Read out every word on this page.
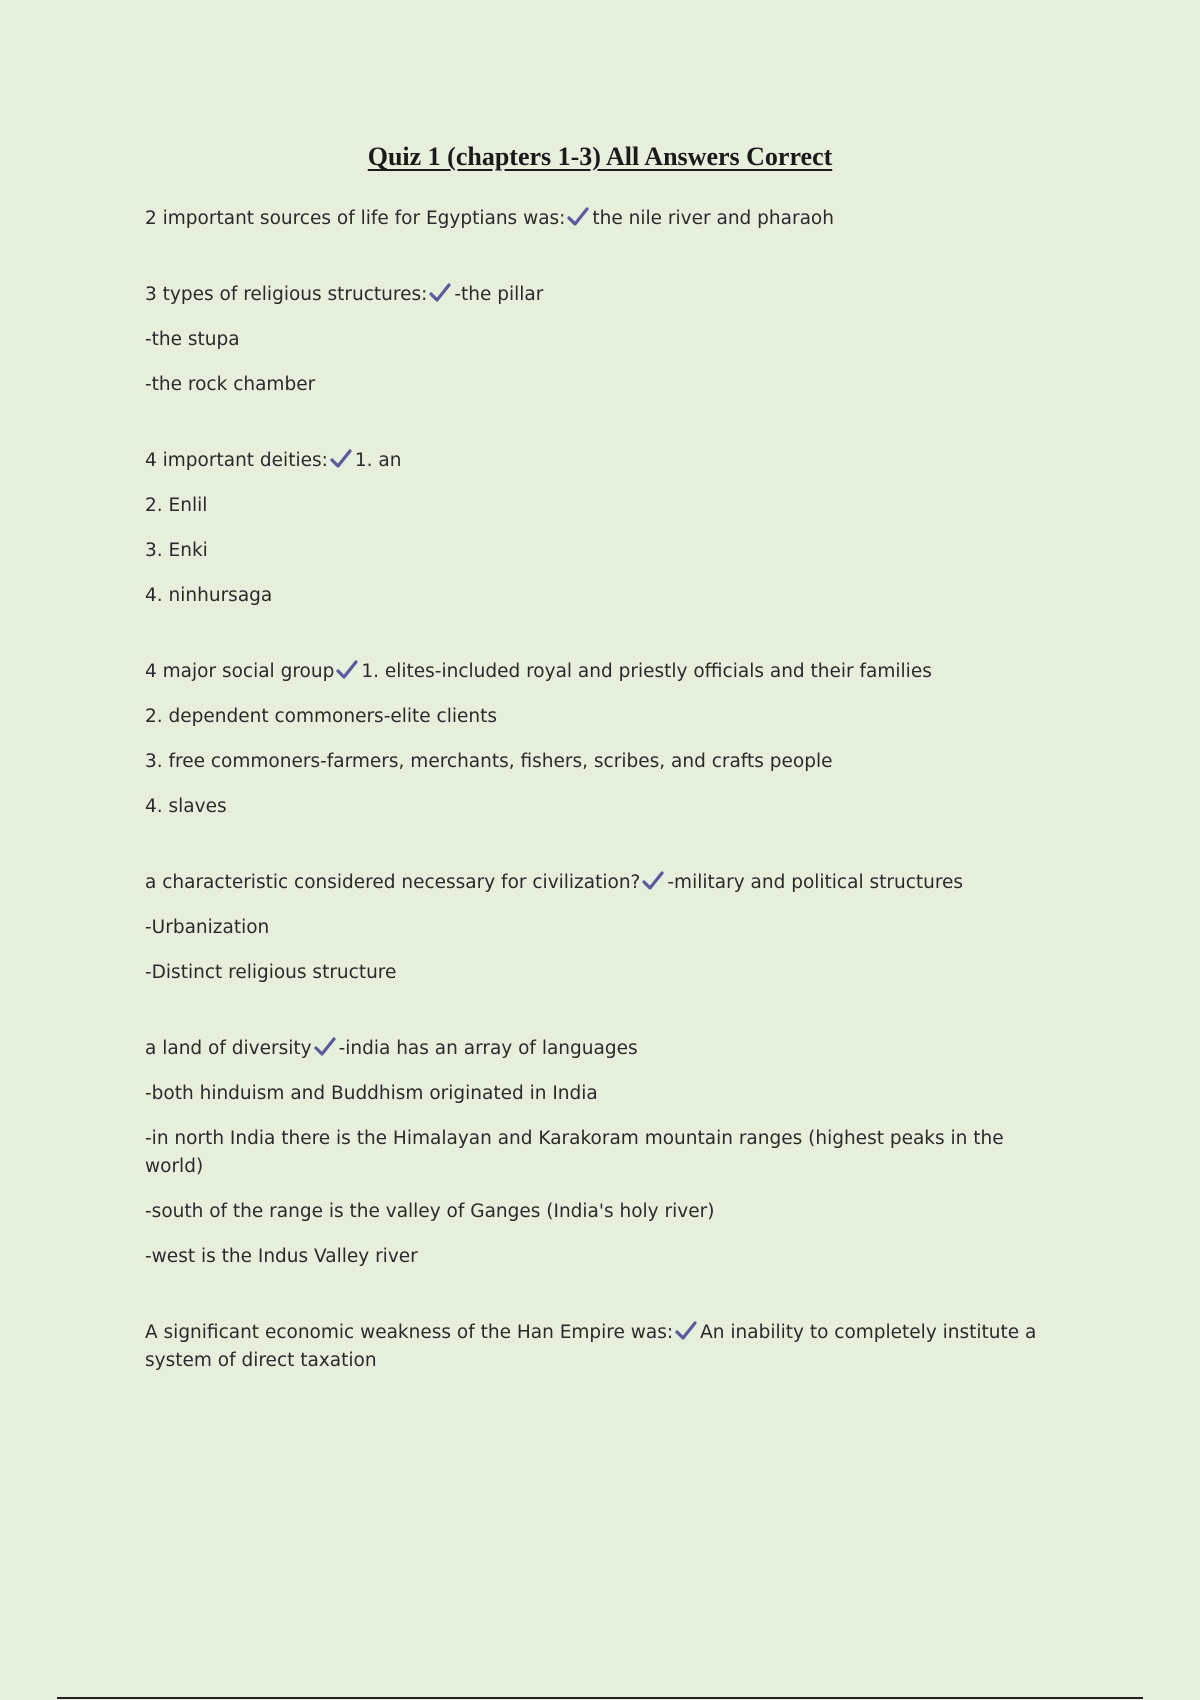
Quiz 1 (chapters 1-3) All Answers Correct
2 important sources of life for Egyptians was: the nile river and pharaoh
3 types of religious structures: -the pillar
-the stupa
-the rock chamber
4 important deities: 1. an
2. Enlil
3. Enki
4. ninhursaga
4 major social group 1. elites-included royal and priestly officials and their families
2. dependent commoners-elite clients
3. free commoners-farmers, merchants, fishers, scribes, and crafts people
4. slaves
a characteristic considered necessary for civilization? -military and political structures
-Urbanization
-Distinct religious structure
a land of diversity -india has an array of languages
-both hinduism and Buddhism originated in India
-in north India there is the Himalayan and Karakoram mountain ranges (highest peaks in the world)
-south of the range is the valley of Ganges (India's holy river)
-west is the Indus Valley river
A significant economic weakness of the Han Empire was: An inability to completely institute a system of direct taxation
